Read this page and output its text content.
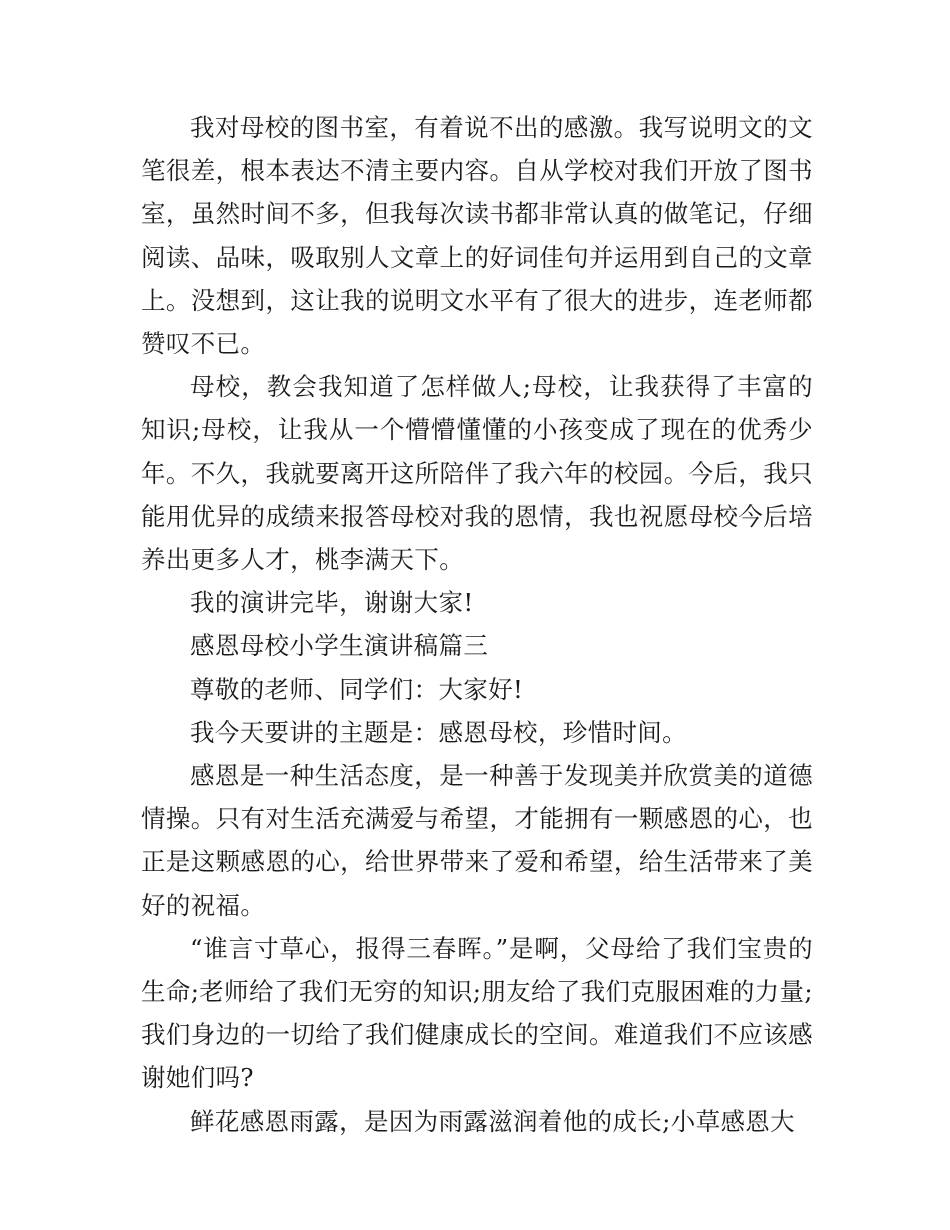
我对母校的图书室，有着说不出的感激。我写说明文的文笔很差，根本表达不清主要内容。自从学校对我们开放了图书室，虽然时间不多，但我每次读书都非常认真的做笔记，仔细阅读、品味，吸取别人文章上的好词佳句并运用到自己的文章上。没想到，这让我的说明文水平有了很大的进步，连老师都赞叹不已。

母校，教会我知道了怎样做人;母校，让我获得了丰富的知识;母校，让我从一个懵懵懂懂的小孩变成了现在的优秀少年。不久，我就要离开这所陪伴了我六年的校园。今后，我只能用优异的成绩来报答母校对我的恩情，我也祝愿母校今后培养出更多人才，桃李满天下。

我的演讲完毕，谢谢大家!

感恩母校小学生演讲稿篇三

尊敬的老师、同学们：大家好!

我今天要讲的主题是：感恩母校，珍惜时间。

感恩是一种生活态度，是一种善于发现美并欣赏美的道德情操。只有对生活充满爱与希望，才能拥有一颗感恩的心，也正是这颗感恩的心，给世界带来了爱和希望，给生活带来了美好的祝福。

“谁言寸草心，报得三春晖。”是啊，父母给了我们宝贵的生命;老师给了我们无穷的知识;朋友给了我们克服困难的力量;我们身边的一切给了我们健康成长的空间。难道我们不应该感谢她们吗?

鲜花感恩雨露，是因为雨露滋润着他的成长;小草感恩大
